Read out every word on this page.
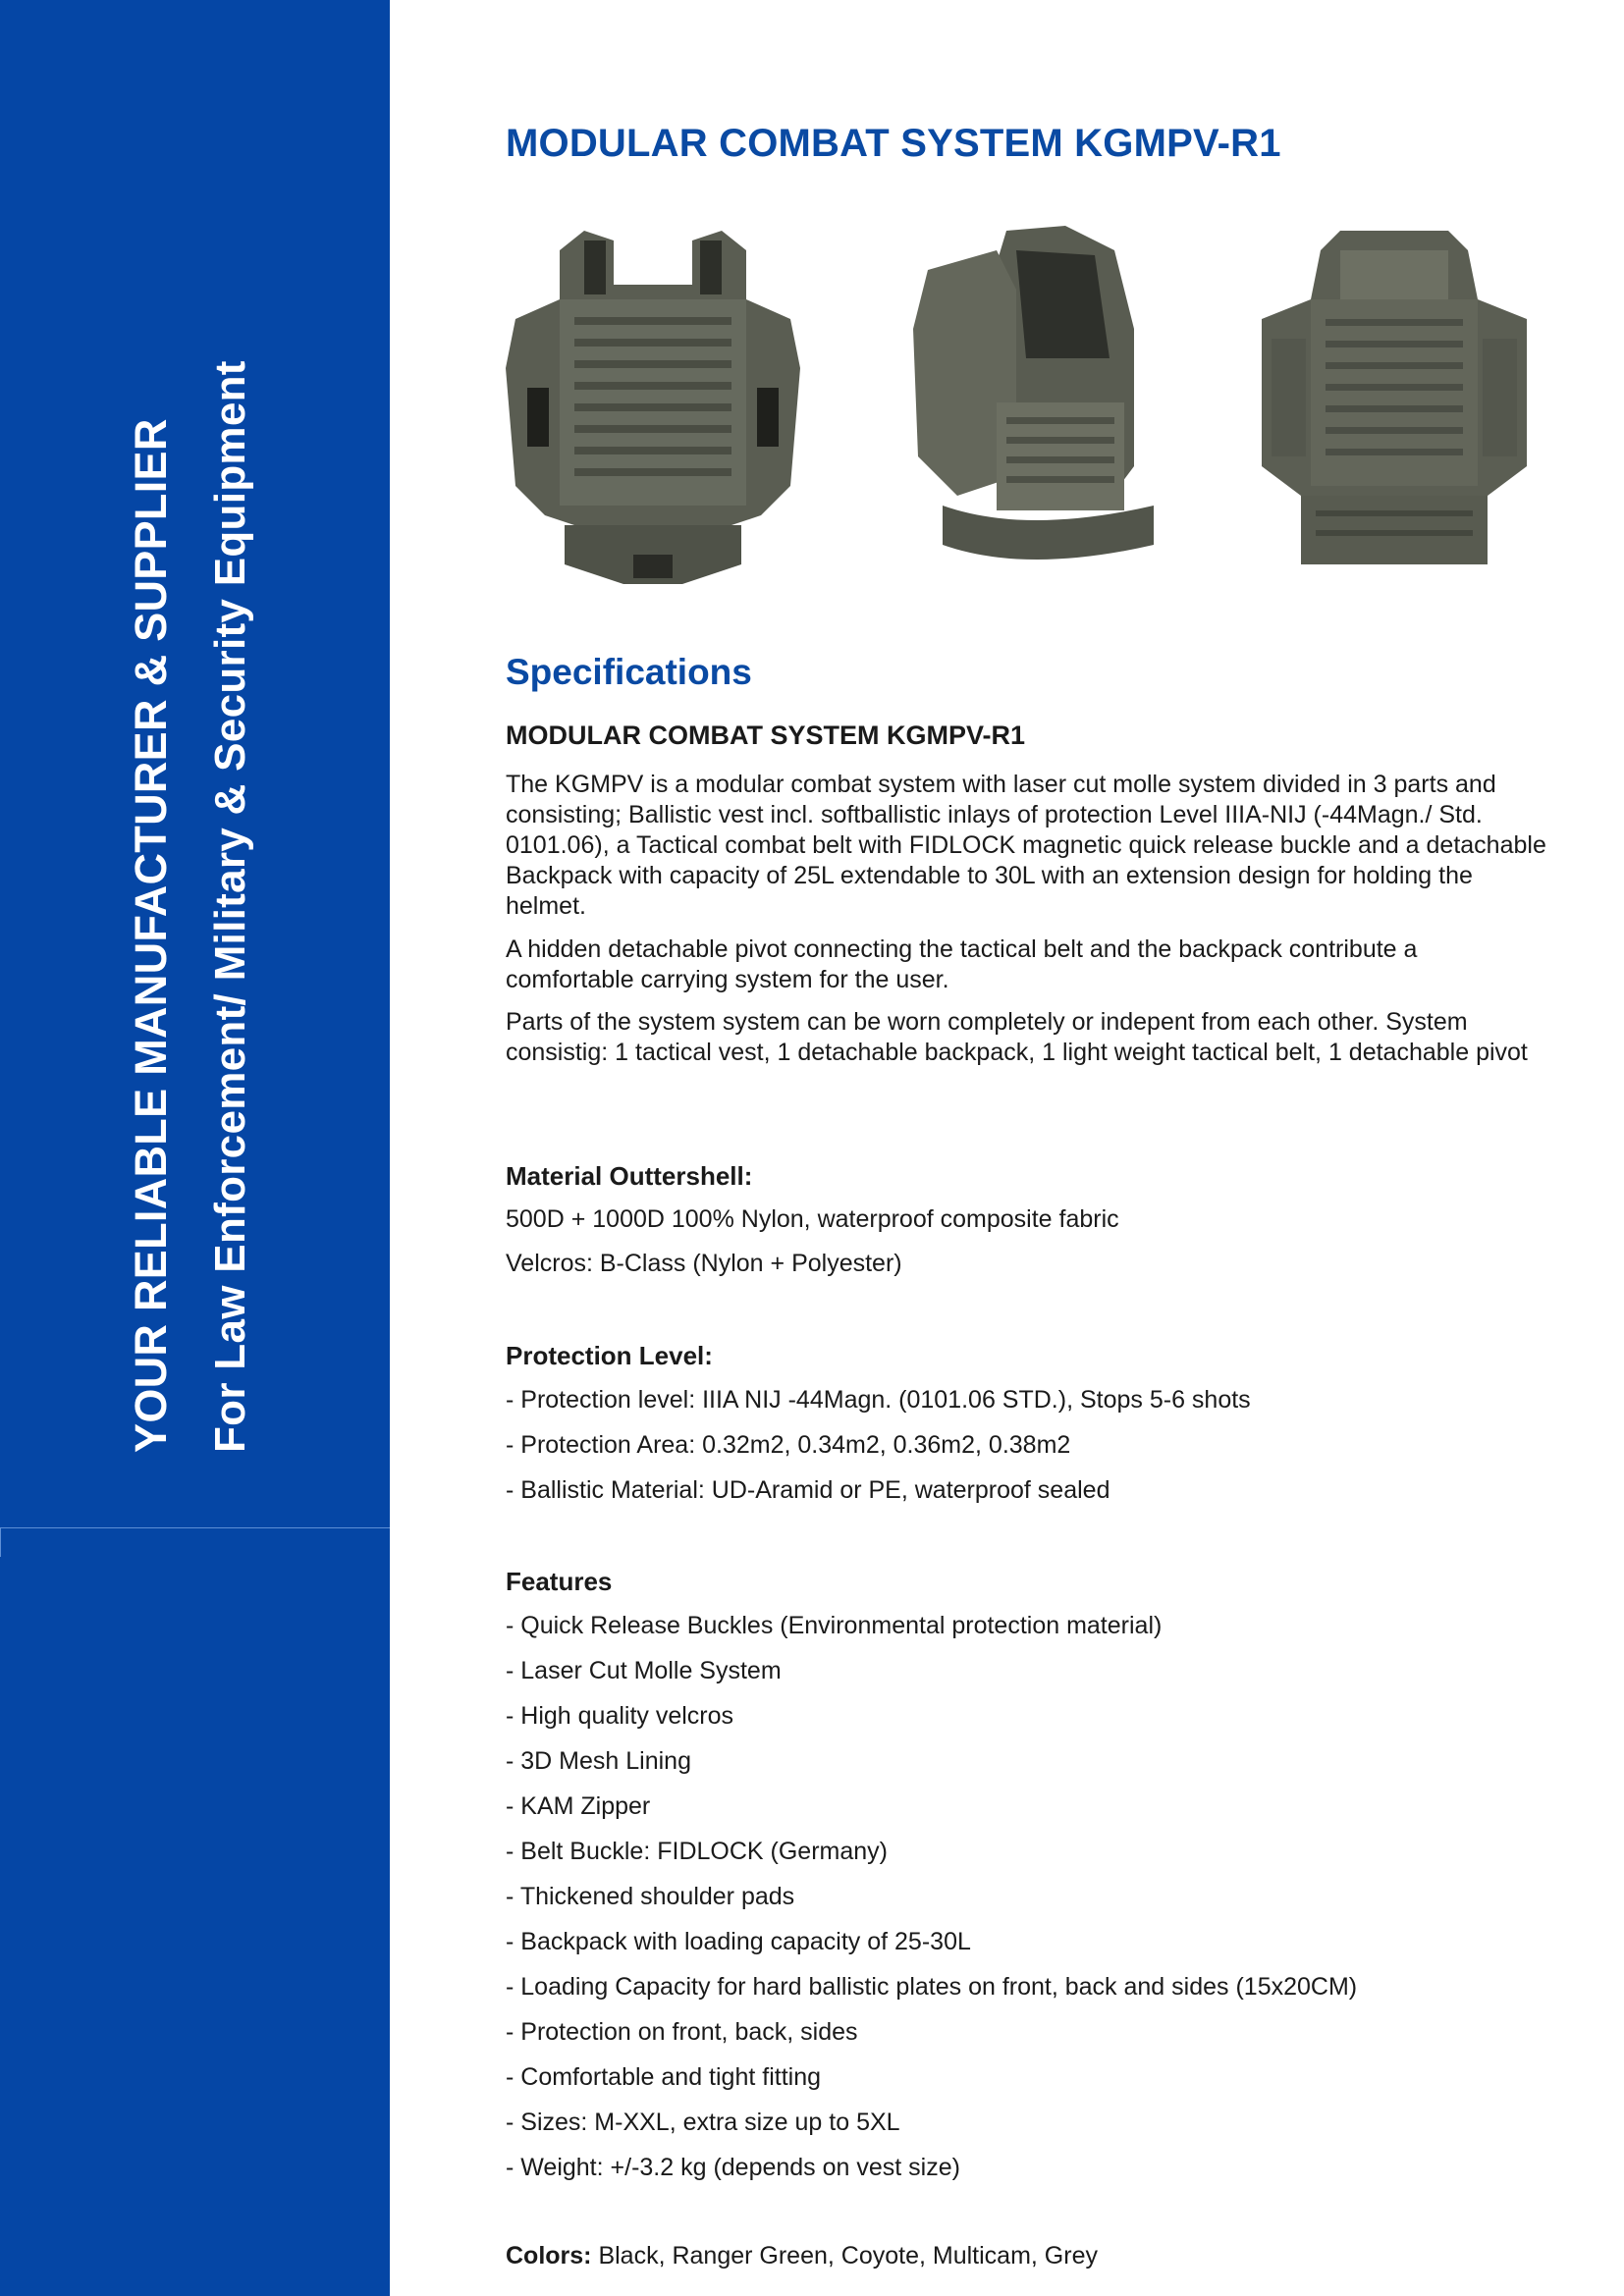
YOUR RELIABLE MANUFACTURER & SUPPLIER For Law Enforcement/ Military & Security Equipment
MODULAR COMBAT SYSTEM KGMPV-R1
Specifications
MODULAR COMBAT SYSTEM KGMPV-R1
The KGMPV is a modular combat system with laser cut molle system divided in 3 parts and consisting; Ballistic vest incl. softballistic inlays of protection Level IIIA-NIJ (-44Magn./ Std. 0101.06), a Tactical combat belt with FIDLOCK magnetic quick release buckle and a detachable Backpack with capacity of 25L extendable to 30L with an extension design for holding the helmet.
A hidden detachable pivot connecting the tactical belt and the backpack contribute a comfortable carrying system for the user.
Parts of the system system can be worn completely or indepent from each other. System consistig: 1 tactical vest, 1 detachable backpack, 1 light weight tactical belt, 1 detachable pivot
Material Outtershell:
500D + 1000D 100% Nylon, waterproof composite fabric
Velcros: B-Class (Nylon + Polyester)
Protection Level:
- Protection level: IIIA NIJ -44Magn. (0101.06 STD.), Stops 5-6 shots
- Protection Area: 0.32m2, 0.34m2, 0.36m2, 0.38m2
- Ballistic Material: UD-Aramid or PE, waterproof sealed
Features
- Quick Release Buckles (Environmental protection material)
- Laser Cut Molle System
- High quality velcros
- 3D Mesh Lining
- KAM Zipper
- Belt Buckle: FIDLOCK (Germany)
- Thickened shoulder pads
- Backpack with loading capacity of 25-30L
- Loading Capacity for hard ballistic plates on front, back and sides (15x20CM)
- Protection on front, back, sides
- Comfortable and tight fitting
- Sizes: M-XXL, extra size up to 5XL
- Weight: +/-3.2 kg (depends on vest size)
Colors: Black, Ranger Green, Coyote, Multicam, Grey
